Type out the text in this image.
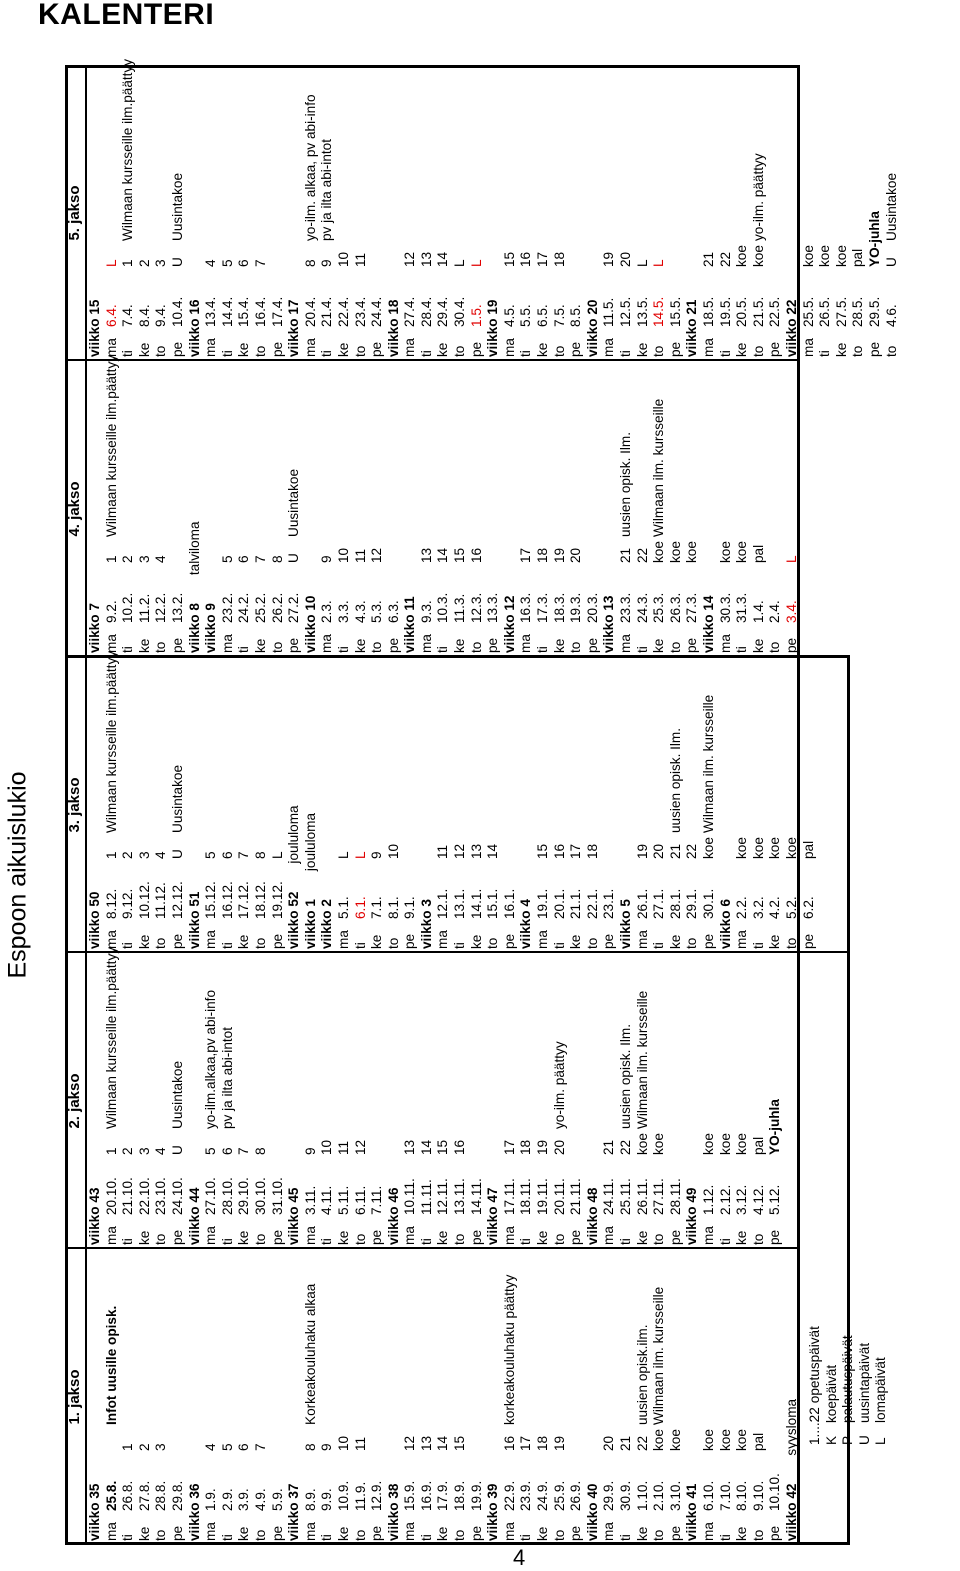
KALENTERI
Espoon aikuislukio
4
1. jakso
viikko 35 ma
25.8.
Infot uusille opisk.
ti
26.8.
1
ke
27.8.
2
to
28.8.
3
pe
29.8. viikko 36 ma
1.9.
4
ti
2.9.
5
ke
3.9.
6
to
4.9.
7
pe
5.9. viikko 37 ma
8.9.
8
Korkeakouluhaku alkaa
ti
9.9.
9
ke
10.9.
10
to
11.9.
11
pe
12.9. viikko 38 ma
15.9.
12
ti
16.9.
13
ke
17.9.
14
to
18.9.
15
pe
19.9. viikko 39 ma
22.9.
16
korkeakouluhaku päättyy
ti
23.9.
17
ke
24.9.
18
to
25.9.
19
pe
26.9. viikko 40 ma
29.9.
20
ti
30.9.
21
ke
1.10.
22
uusien opisk.ilm.
to
2.10.
koe
Wilmaan ilm. kursseille
pe
3.10.
koe
viikko 41 ma
6.10.
koe
ti
7.10.
koe
ke
8.10.
koe
to
9.10.
pal
pe
10.10. viikko 42
syysloma
2. jakso
viikko 43 ma
20.10.
1
Wilmaan kursseille ilm.päättyy
ti
21.10.
2
ke
22.10.
3
to
23.10.
4
pe
24.10.
U
Uusintakoe
viikko 44 ma
27.10.
5
yo-ilm.alkaa,pv abi-info
ti
28.10.
6
pv ja ilta abi-intot
ke
29.10.
7
to
30.10.
8
pe
31.10. viikko 45 ma
3.11.
9
ti
4.11.
10
ke
5.11.
11
to
6.11.
12
pe
7.11. viikko 46 ma
10.11.
13
ti
11.11.
14
ke
12.11.
15
to
13.11.
16
pe
14.11. viikko 47 ma
17.11.
17
ti
18.11.
18
ke
19.11.
19
to
20.11.
20
yo-ilm. päättyy
pe
21.11. viikko 48 ma
24.11.
21
ti
25.11.
22
uusien opisk. Ilm.
ke
26.11.
koe
Wilmaan ilm. kursseille
to
27.11.
koe
pe
28.11. viikko 49 ma
1.12.
koe
ti
2.12.
koe
ke
3.12.
koe
to
4.12.
pal
pe
5.12.
YO-juhla
3. jakso
viikko 50 ma
8.12.
1
Wilmaan kursseille ilm.päättyy
ti
9.12.
2
ke
10.12.
3
to
11.12.
4
pe
12.12.
U
Uusintakoe
viikko 51 ma
15.12.
5
ti
16.12.
6
ke
17.12.
7
to
18.12.
8
pe
19.12.
L
viikko 52
joululoma
viikko 1
joululoma
viikko 2 ma
5.1.
L
ti
6.1.
L
ke
7.1.
9
to
8.1.
10
pe
9.1. viikko 3 ma
12.1.
11
ti
13.1.
12
ke
14.1.
13
to
15.1.
14
pe
16.1. viikko 4 ma
19.1.
15
ti
20.1.
16
ke
21.1.
17
to
22.1.
18
pe
23.1. viikko 5 ma
26.1.
19
ti
27.1.
20
ke
28.1.
21
uusien opisk. Ilm.
to
29.1.
22
pe
30.1.
koe
Wilmaan ilm. kursseille
viikko 6 ma
2.2.
koe
ti
3.2.
koe
ke
4.2.
koe
to
5.2.
koe
pe
6.2.
pal
4. jakso
viikko 7 ma
9.2.
1
Wilmaan kursseille ilm.päättyy
ti
10.2.
2
ke
11.2.
3
to
12.2.
4
pe
13.2. viikko 8
talviloma
viikko 9 ma
23.2.
5
ti
24.2.
6
ke
25.2.
7
to
26.2.
8
pe
27.2.
U
Uusintakoe
viikko 10 ma
2.3.
9
ti
3.3.
10
ke
4.3.
11
to
5.3.
12
pe
6.3. viikko 11 ma
9.3.
13
ti
10.3.
14
ke
11.3.
15
to
12.3.
16
pe
13.3. viikko 12 ma
16.3.
17
ti
17.3.
18
ke
18.3.
19
to
19.3.
20
pe
20.3. viikko 13 ma
23.3.
21
uusien opisk. Ilm.
ti
24.3.
22
ke
25.3.
koe
Wilmaan ilm. kursseille
to
26.3.
koe
pe
27.3.
koe
viikko 14 ma
30.3.
koe
ti
31.3.
koe
ke
1.4.
pal
to
2.4.
pe
3.4.
L
5. jakso
viikko 15 ma
6.4.
L
ti
7.4.
1
Wilmaan kursseille ilm.päättyy
ke
8.4.
2
to
9.4.
3
pe
10.4.
U
Uusintakoe
viikko 16 ma
13.4.
4
ti
14.4.
5
ke
15.4.
6
to
16.4.
7
pe
17.4. viikko 17 ma
20.4.
8
yo-ilm. alkaa, pv abi-info
ti
21.4.
9
pv ja ilta abi-intot
ke
22.4.
10
to
23.4.
11
pe
24.4. viikko 18 ma
27.4.
12
ti
28.4.
13
ke
29.4.
14
to
30.4.
L
pe
1.5.
L
viikko 19 ma
4.5.
15
ti
5.5.
16
ke
6.5.
17
to
7.5.
18
pe
8.5. viikko 20 ma
11.5.
19
ti
12.5.
20
ke
13.5.
L
to
14.5.
L
pe
15.5. viikko 21 ma
18.5.
21
ti
19.5.
22
ke
20.5.
koe
to
21.5.
koe
yo-ilm. päättyy
pe
22.5. viikko 22 ma
25.5.
koe
ti
26.5.
koe
ke
27.5.
koe
to
28.5.
pal
pe
29.5.
YO-juhla
to
4.6.
U
Uusintakoe
1....22opetuspäivät
Kkoepäivät
Ppalautuspäivät
Uuusintapäivät
Llomapäivät
